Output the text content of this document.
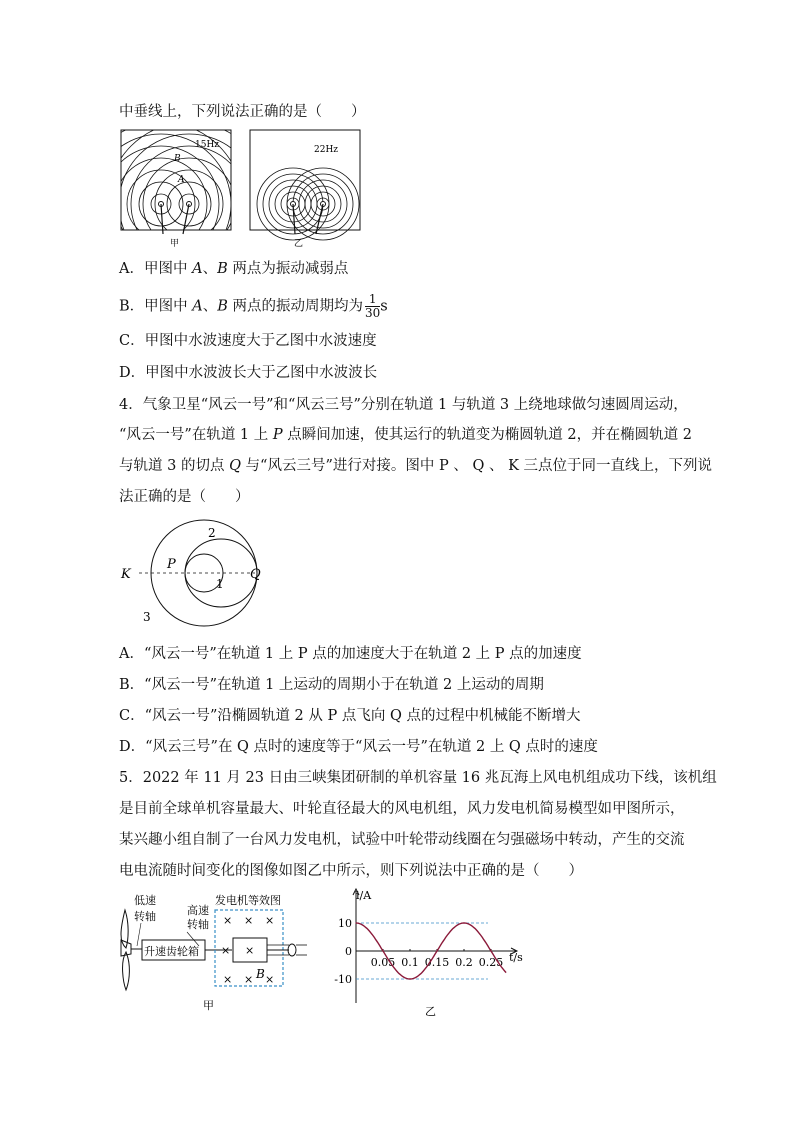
中垂线上，下列说法正确的是（　　）
15Hz
B
A
甲
22Hz
乙
A．甲图中 A、B 两点为振动减弱点
B．甲图中 A、B 两点的振动周期均为 $\frac{1}{30}$ s
C．甲图中水波速度大于乙图中水波速度
D．甲图中水波波长大于乙图中水波波长
4．气象卫星“风云一号”和“风云三号”分别在轨道 1 与轨道 3 上绕地球做匀速圆周运动，
“风云一号”在轨道 1 上 P 点瞬间加速，使其运行的轨道变为椭圆轨道 2，并在椭圆轨道 2
与轨道 3 的切点 Q 与“风云三号”进行对接。图中 P 、 Q 、 K 三点位于同一直线上，下列说
法正确的是（　　）
K
P
Q
1
2
3
A．“风云一号”在轨道 1 上 P 点的加速度大于在轨道 2 上 P 点的加速度
B．“风云一号”在轨道 1 上运动的周期小于在轨道 2 上运动的周期
C．“风云一号”沿椭圆轨道 2 从 P 点飞向 Q 点的过程中机械能不断增大
D．“风云三号”在 Q 点时的速度等于“风云一号”在轨道 2 上 Q 点时的速度
5．2022 年 11 月 23 日由三峡集团研制的单机容量 16 兆瓦海上风电机组成功下线，该机组
是目前全球单机容量最大、叶轮直径最大的风电机组，风力发电机简易模型如甲图所示，
某兴趣小组自制了一台风力发电机，试验中叶轮带动线圈在匀强磁场中转动，产生的交流
电电流随时间变化的图像如图乙中所示，则下列说法中正确的是（　　）
低速
转轴	高速
转轴
发电机等效图
升速齿轮箱
× × ×
× ×
× × ×
B
甲
i/A
t/s
乙
10
0
-10
0.05 0.1 0.15 0.2 0.25
